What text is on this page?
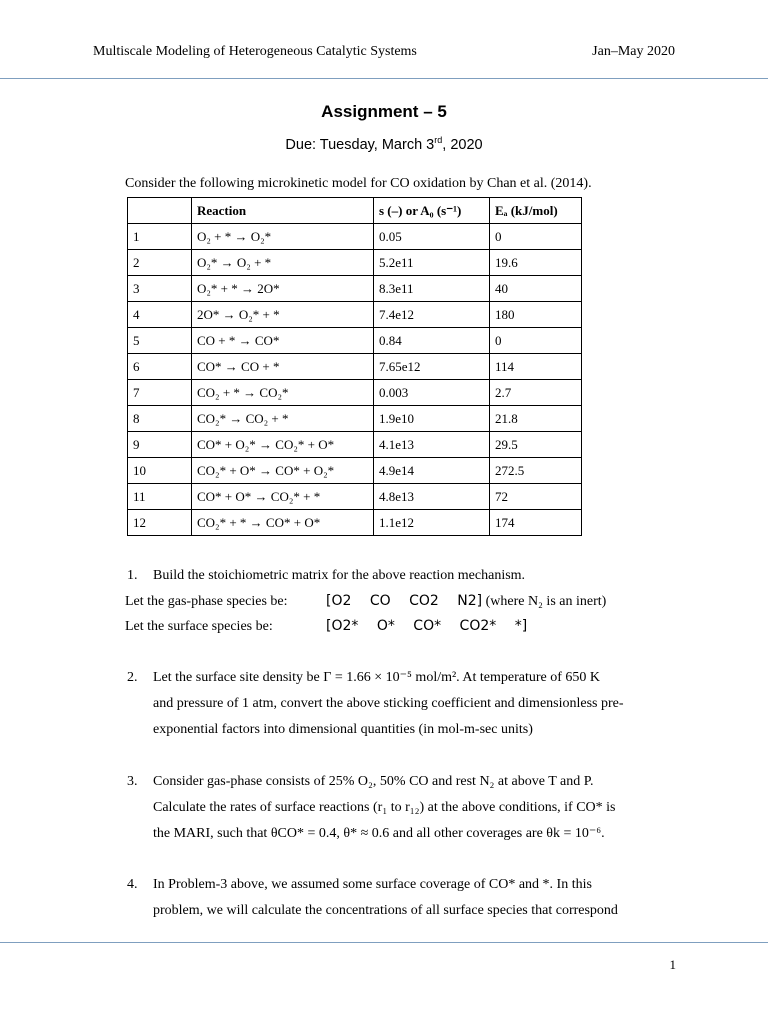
Multiscale Modeling of Heterogeneous Catalytic Systems	Jan–May 2020
Assignment – 5
Due: Tuesday, March 3rd, 2020
Consider the following microkinetic model for CO oxidation by Chan et al. (2014).
	Reaction	s (–) or A₀ (s⁻¹)	Eₐ (kJ/mol)
1	O₂ + * → O₂*	0.05	0
2	O₂* → O₂ + *	5.2e11	19.6
3	O₂* + * → 2O*	8.3e11	40
4	2O* → O₂* + *	7.4e12	180
5	CO + * → CO*	0.84	0
6	CO* → CO + *	7.65e12	114
7	CO₂ + * → CO₂*	0.003	2.7
8	CO₂* → CO₂ + *	1.9e10	21.8
9	CO* + O₂* → CO₂* + O*	4.1e13	29.5
10	CO₂* + O* → CO* + O₂*	4.9e14	272.5
11	CO* + O* → CO₂* + *	4.8e13	72
12	CO₂* + * → CO* + O*	1.1e12	174
1. Build the stoichiometric matrix for the above reaction mechanism.
Let the gas-phase species be:	[O2 CO CO2 N2] (where N₂ is an inert)
Let the surface species be:	[O2* O* CO* CO2* *]
2. Let the surface site density be Γ = 1.66 × 10⁻⁵ mol/m². At temperature of 650 K
and pressure of 1 atm, convert the above sticking coefficient and dimensionless pre-
exponential factors into dimensional quantities (in mol-m-sec units)
3. Consider gas-phase consists of 25% O₂, 50% CO and rest N₂ at above T and P.
Calculate the rates of surface reactions (r₁ to r₁₂) at the above conditions, if CO* is
the MARI, such that θCO* = 0.4, θ* ≈ 0.6 and all other coverages are θk = 10⁻⁶.
4. In Problem-3 above, we assumed some surface coverage of CO* and *. In this
problem, we will calculate the concentrations of all surface species that correspond
1
